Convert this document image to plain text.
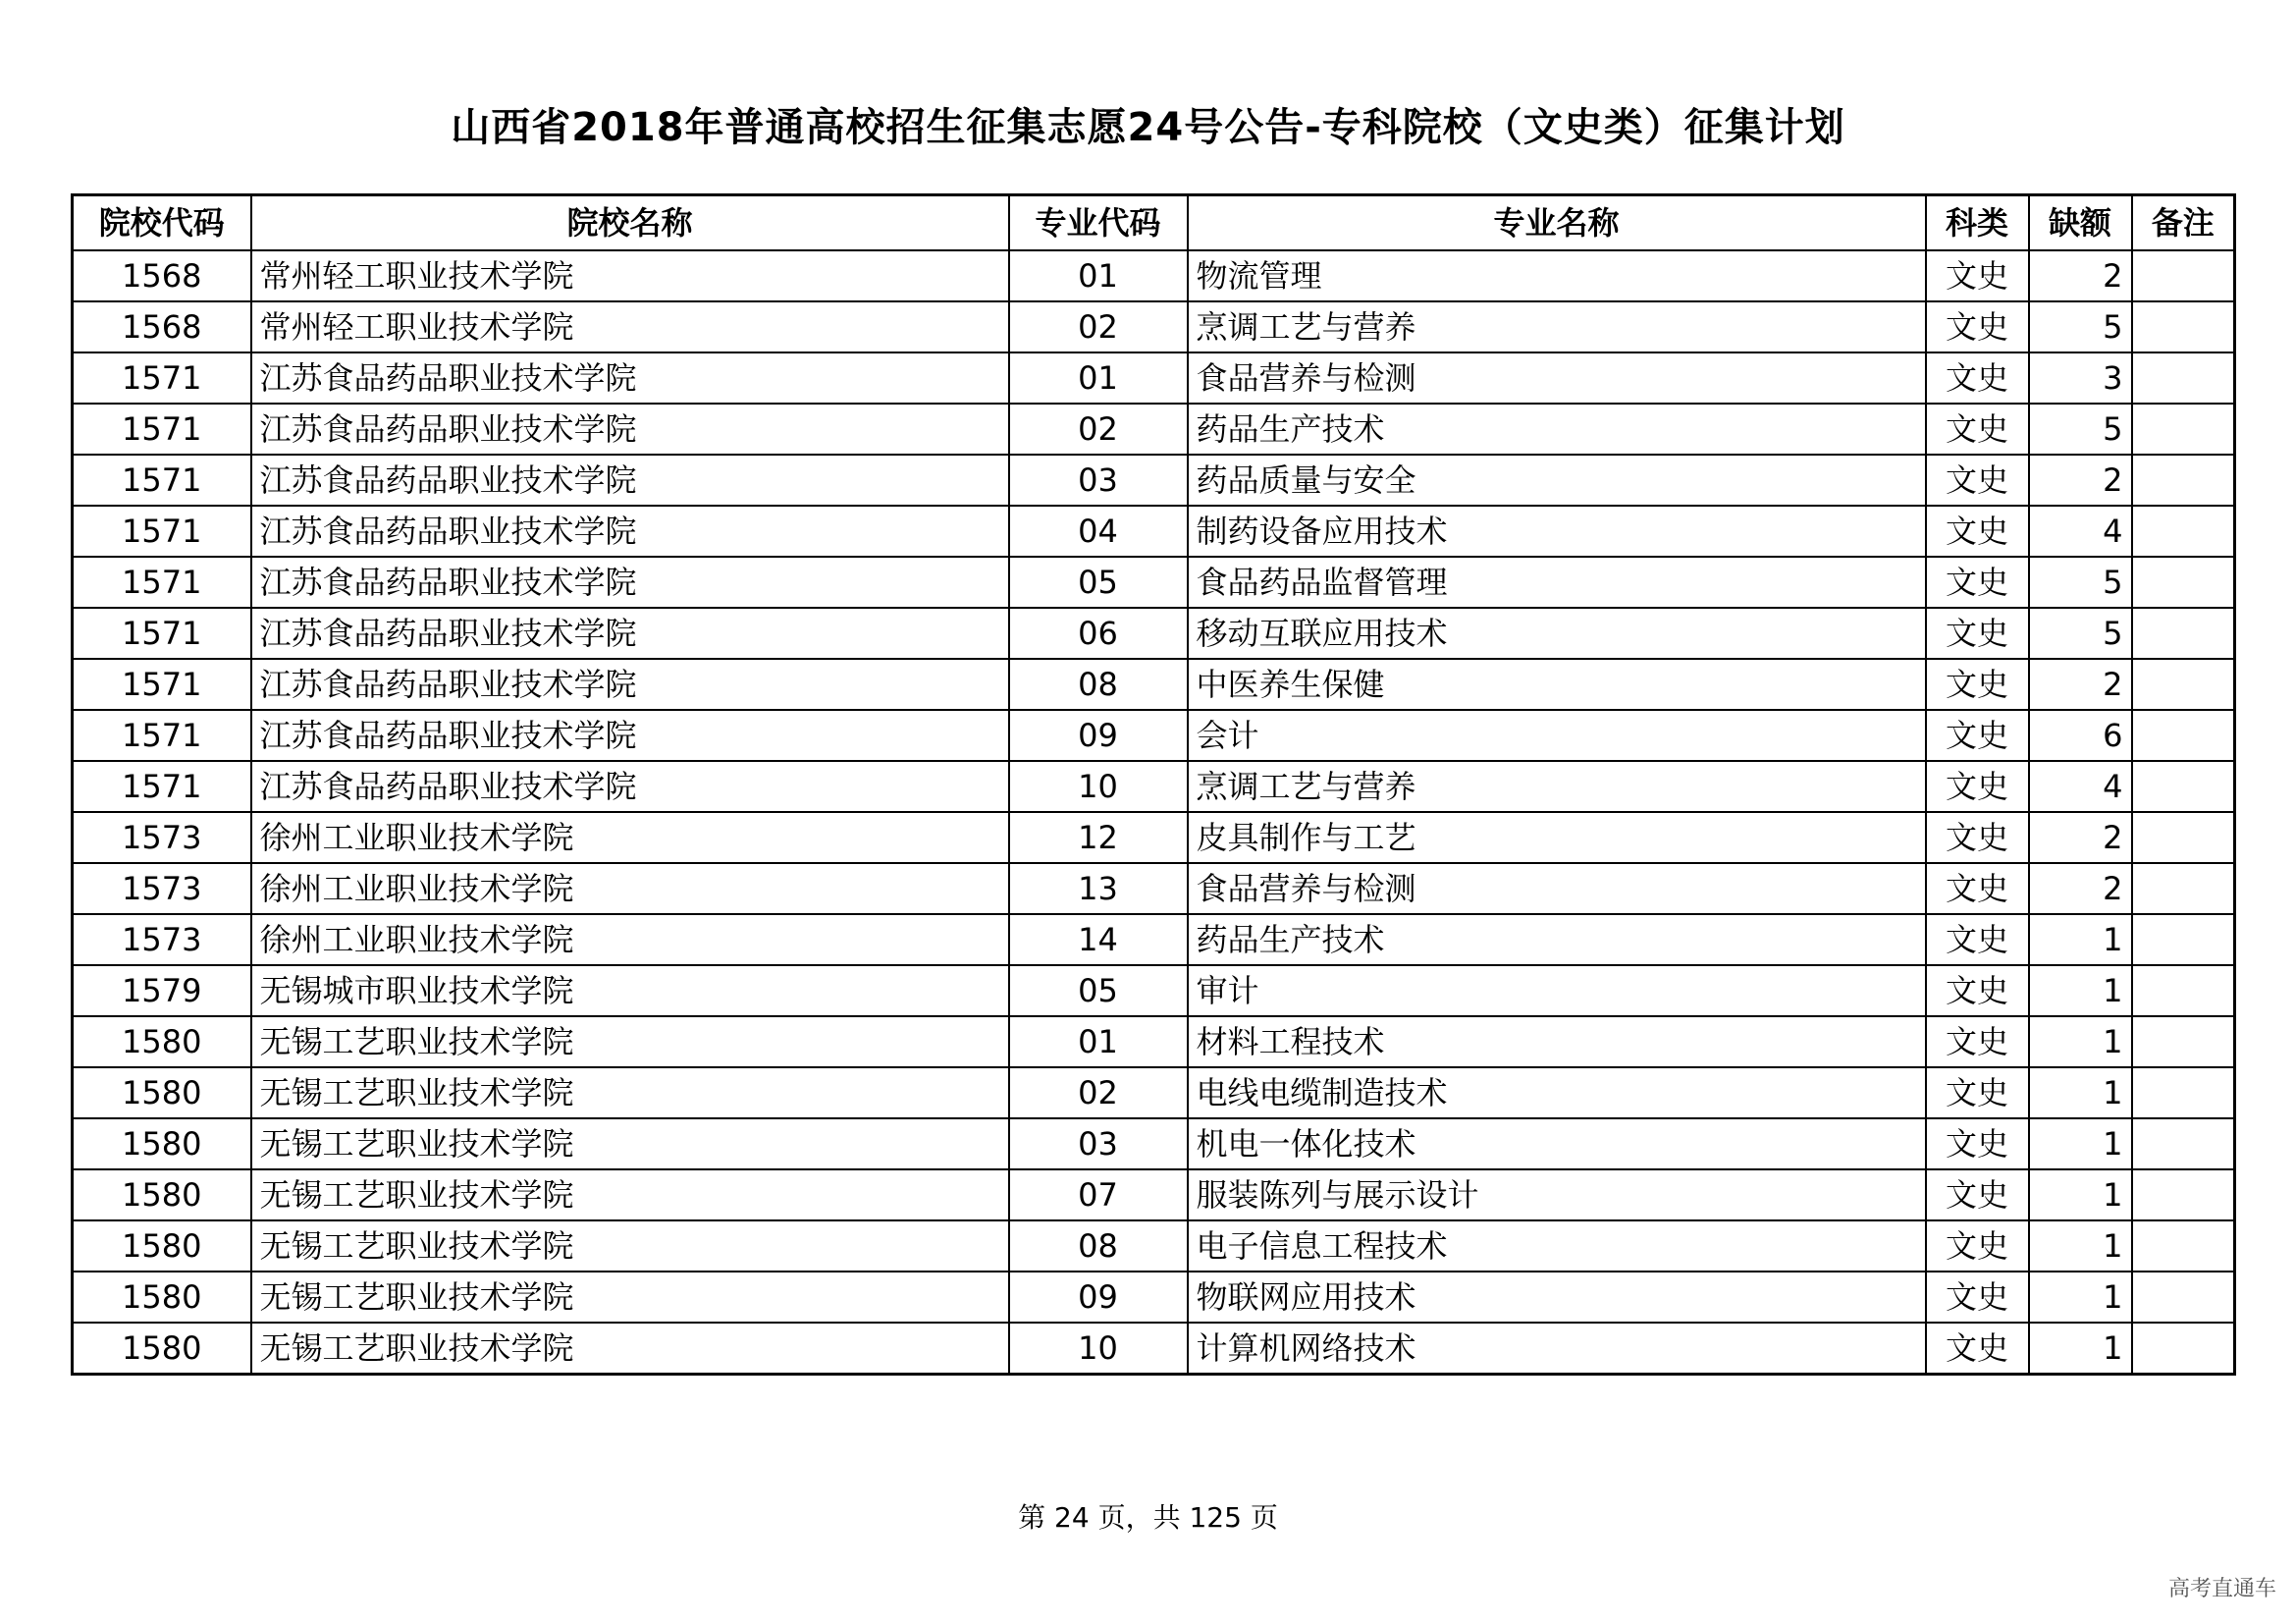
山西省2018年普通高校招生征集志愿24号公告-专科院校（文史类）征集计划
院校代码	院校名称	专业代码	专业名称	科类	缺额	备注
1568	常州轻工职业技术学院	01	物流管理	文史	2	
1568	常州轻工职业技术学院	02	烹调工艺与营养	文史	5	
1571	江苏食品药品职业技术学院	01	食品营养与检测	文史	3	
1571	江苏食品药品职业技术学院	02	药品生产技术	文史	5	
1571	江苏食品药品职业技术学院	03	药品质量与安全	文史	2	
1571	江苏食品药品职业技术学院	04	制药设备应用技术	文史	4	
1571	江苏食品药品职业技术学院	05	食品药品监督管理	文史	5	
1571	江苏食品药品职业技术学院	06	移动互联应用技术	文史	5	
1571	江苏食品药品职业技术学院	08	中医养生保健	文史	2	
1571	江苏食品药品职业技术学院	09	会计	文史	6	
1571	江苏食品药品职业技术学院	10	烹调工艺与营养	文史	4	
1573	徐州工业职业技术学院	12	皮具制作与工艺	文史	2	
1573	徐州工业职业技术学院	13	食品营养与检测	文史	2	
1573	徐州工业职业技术学院	14	药品生产技术	文史	1	
1579	无锡城市职业技术学院	05	审计	文史	1	
1580	无锡工艺职业技术学院	01	材料工程技术	文史	1	
1580	无锡工艺职业技术学院	02	电线电缆制造技术	文史	1	
1580	无锡工艺职业技术学院	03	机电一体化技术	文史	1	
1580	无锡工艺职业技术学院	07	服装陈列与展示设计	文史	1	
1580	无锡工艺职业技术学院	08	电子信息工程技术	文史	1	
1580	无锡工艺职业技术学院	09	物联网应用技术	文史	1	
1580	无锡工艺职业技术学院	10	计算机网络技术	文史	1	
第 24 页，共 125 页
高考直通车
